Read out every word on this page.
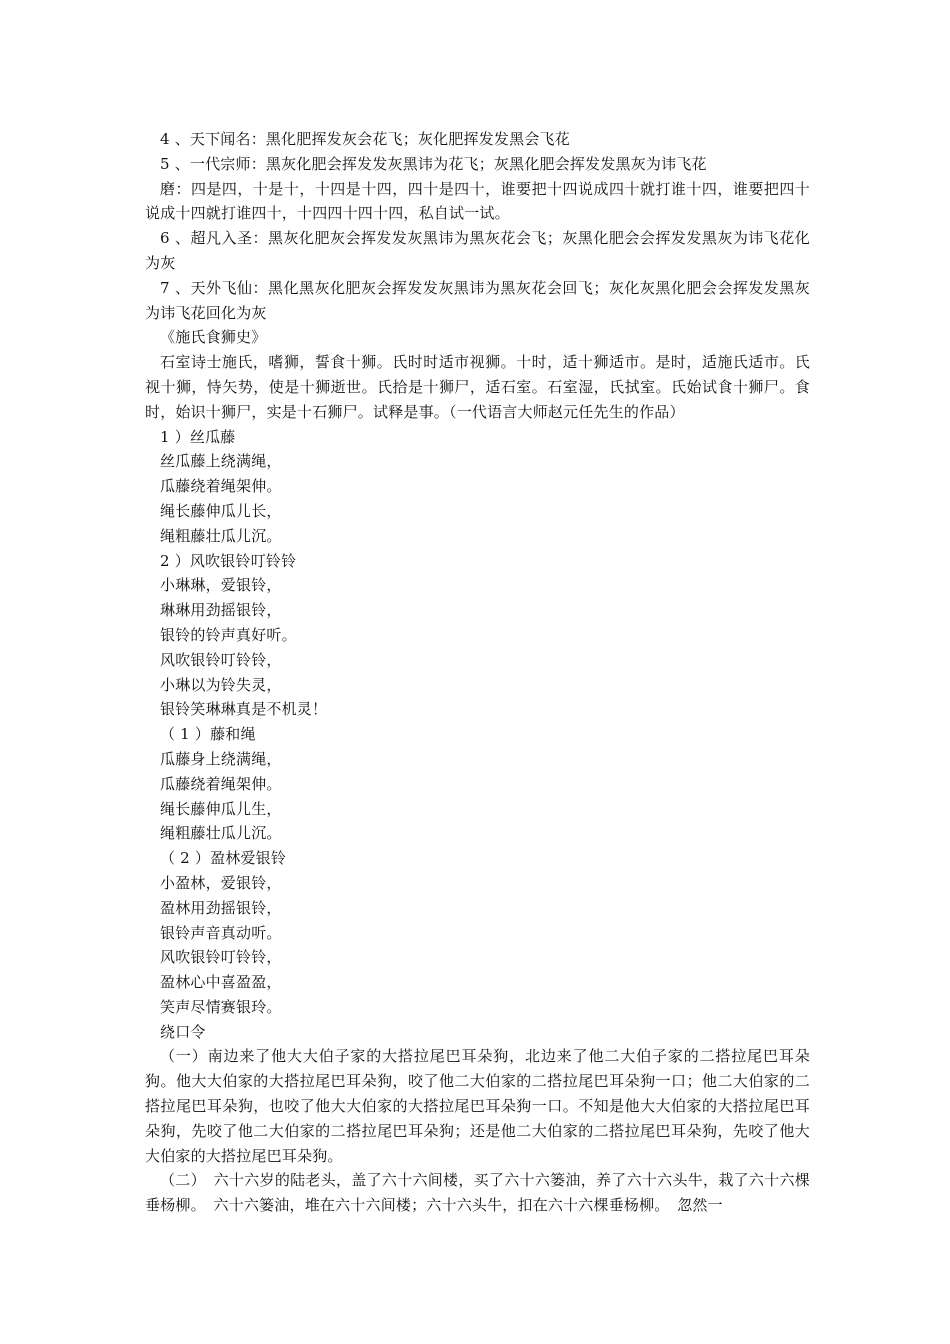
4 、天下闻名：黑化肥挥发灰会花飞；灰化肥挥发发黑会飞花

5 、一代宗师：黑灰化肥会挥发发灰黑讳为花飞；灰黑化肥会挥发发黑灰为讳飞花

磨：四是四，十是十，十四是十四，四十是四十，谁要把十四说成四十就打谁十四，谁要把四十说成十四就打谁四十，十四四十四十四，私自试一试。

6 、超凡入圣：黑灰化肥灰会挥发发灰黑讳为黑灰花会飞；灰黑化肥会会挥发发黑灰为讳飞花化为灰

7 、天外飞仙：黑化黑灰化肥灰会挥发发灰黑讳为黑灰花会回飞；灰化灰黑化肥会会挥发发黑灰为讳飞花回化为灰

《施氏食狮史》

石室诗士施氏，嗜狮，誓食十狮。氏时时适市视狮。十时，适十狮适市。是时，适施氏适市。氏视十狮，恃矢势，使是十狮逝世。氏拾是十狮尸，适石室。石室湿，氏拭室。氏始试食十狮尸。食时，始识十狮尸，实是十石狮尸。试释是事。（一代语言大师赵元任先生的作品）

1 ）丝瓜藤

丝瓜藤上绕满绳，

瓜藤绕着绳架伸。

绳长藤伸瓜儿长，

绳粗藤壮瓜儿沉。

2 ）风吹银铃叮铃铃

小琳琳，爱银铃，

琳琳用劲摇银铃，

银铃的铃声真好听。

风吹银铃叮铃铃，

小琳以为铃失灵，

银铃笑琳琳真是不机灵！

（ 1 ）藤和绳

瓜藤身上绕满绳，

瓜藤绕着绳架伸。

绳长藤伸瓜儿生，

绳粗藤壮瓜儿沉。

（ 2 ）盈林爱银铃

小盈林，爱银铃，

盈林用劲摇银铃，

银铃声音真动听。

风吹银铃叮铃铃，

盈林心中喜盈盈，

笑声尽情赛银玲。

绕口令

（一）南边来了他大大伯子家的大搭拉尾巴耳朵狗，北边来了他二大伯子家的二搭拉尾巴耳朵狗。他大大伯家的大搭拉尾巴耳朵狗，咬了他二大伯家的二搭拉尾巴耳朵狗一口；他二大伯家的二搭拉尾巴耳朵狗，也咬了他大大伯家的大搭拉尾巴耳朵狗一口。不知是他大大伯家的大搭拉尾巴耳朵狗，先咬了他二大伯家的二搭拉尾巴耳朵狗；还是他二大伯家的二搭拉尾巴耳朵狗，先咬了他大大伯家的大搭拉尾巴耳朵狗。

（二）　六十六岁的陆老头，盖了六十六间楼，买了六十六篓油，养了六十六头牛，栽了六十六棵垂杨柳。　六十六篓油，堆在六十六间楼；六十六头牛，扣在六十六棵垂杨柳。　忽然一
